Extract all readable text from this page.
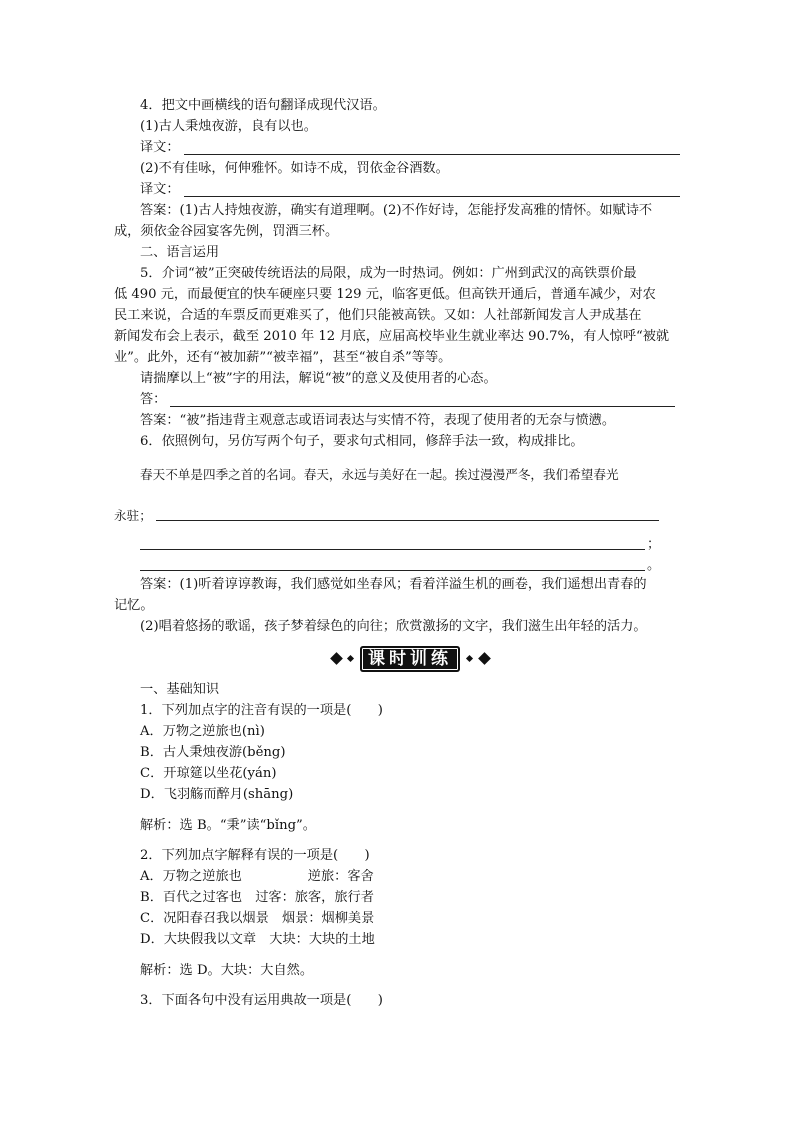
4．把文中画横线的语句翻译成现代汉语。
(1)古人秉烛夜游，良有以也。
译文：
(2)不有佳咏，何伸雅怀。如诗不成，罚依金谷酒数。
译文：
答案：(1)古人持烛夜游，确实有道理啊。(2)不作好诗，怎能抒发高雅的情怀。如赋诗不
成，须依金谷园宴客先例，罚酒三杯。
二、语言运用
5．介词“被”正突破传统语法的局限，成为一时热词。例如：广州到武汉的高铁票价最
低 490 元，而最便宜的快车硬座只要 129 元，临客更低。但高铁开通后，普通车减少，对农
民工来说，合适的车票反而更难买了，他们只能被高铁。又如：人社部新闻发言人尹成基在
新闻发布会上表示，截至 2010 年 12 月底，应届高校毕业生就业率达 90.7%，有人惊呼“被就
业”。此外，还有“被加薪”“被幸福”，甚至“被自杀”等等。
请揣摩以上“被”字的用法，解说“被”的意义及使用者的心态。
答：
答案：“被”指违背主观意志或语词表达与实情不符，表现了使用者的无奈与愤懑。
6．依照例句，另仿写两个句子，要求句式相同，修辞手法一致，构成排比。
春天不单是四季之首的名词。春天，永远与美好在一起。挨过漫漫严冬，我们希望春光
永驻；
；
。
答案：(1)听着谆谆教诲，我们感觉如坐春风；看着洋溢生机的画卷，我们遥想出青春的
记忆。
(2)唱着悠扬的歌谣，孩子梦着绿色的向往；欣赏激扬的文字，我们滋生出年轻的活力。
课时训练
一、基础知识
1．下列加点字的注音有误的一项是(　　)
A．万物之逆旅也(nì)
B．古人秉烛夜游(běng)
C．开琼筵以坐花(yán)
D．飞羽觞而醉月(shāng)
解析：选 B。“秉”读“bǐng”。
2．下列加点字解释有误的一项是(　　)
A．万物之逆旅也　　　　　逆旅：客舍
B．百代之过客也　过客：旅客，旅行者
C．况阳春召我以烟景　烟景：烟柳美景
D．大块假我以文章　大块：大块的土地
解析：选 D。大块：大自然。
3．下面各句中没有运用典故一项是(　　)
